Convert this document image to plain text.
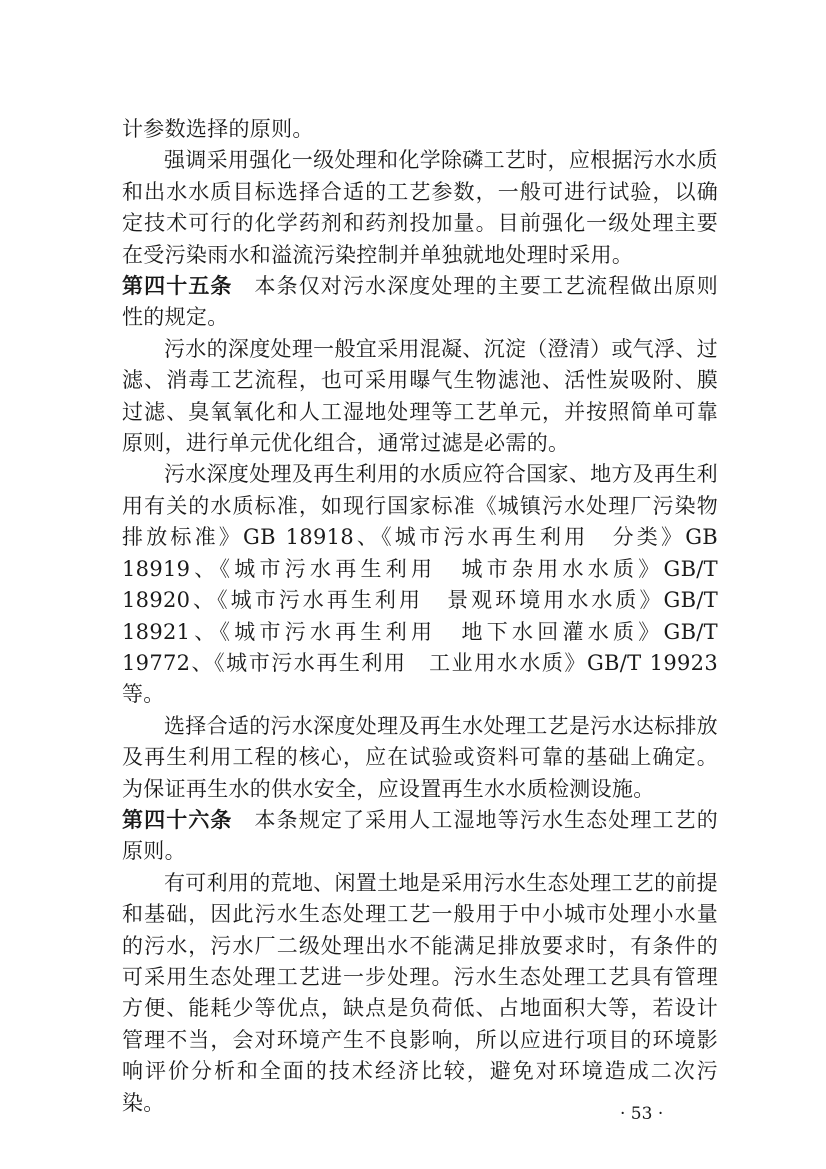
计参数选择的原则。

强调采用强化一级处理和化学除磷工艺时，应根据污水水质和出水水质目标选择合适的工艺参数，一般可进行试验，以确定技术可行的化学药剂和药剂投加量。目前强化一级处理主要在受污染雨水和溢流污染控制并单独就地处理时采用。

第四十五条 本条仅对污水深度处理的主要工艺流程做出原则性的规定。

污水的深度处理一般宜采用混凝、沉淀（澄清）或气浮、过滤、消毒工艺流程，也可采用曝气生物滤池、活性炭吸附、膜过滤、臭氧氧化和人工湿地处理等工艺单元，并按照简单可靠原则，进行单元优化组合，通常过滤是必需的。

污水深度处理及再生利用的水质应符合国家、地方及再生利用有关的水质标准，如现行国家标准《城镇污水处理厂污染物排放标准》GB 18918、《城市污水再生利用　分类》GB 18919、《城市污水再生利用　城市杂用水水质》GB/T 18920、《城市污水再生利用　景观环境用水水质》GB/T 18921、《城市污水再生利用　地下水回灌水质》GB/T 19772、《城市污水再生利用　工业用水水质》GB/T 19923 等。

选择合适的污水深度处理及再生水处理工艺是污水达标排放及再生利用工程的核心，应在试验或资料可靠的基础上确定。为保证再生水的供水安全，应设置再生水水质检测设施。

第四十六条 本条规定了采用人工湿地等污水生态处理工艺的原则。

有可利用的荒地、闲置土地是采用污水生态处理工艺的前提和基础，因此污水生态处理工艺一般用于中小城市处理小水量的污水，污水厂二级处理出水不能满足排放要求时，有条件的可采用生态处理工艺进一步处理。污水生态处理工艺具有管理方便、能耗少等优点，缺点是负荷低、占地面积大等，若设计管理不当，会对环境产生不良影响，所以应进行项目的环境影响评价分析和全面的技术经济比较，避免对环境造成二次污染。	· 53 ·
